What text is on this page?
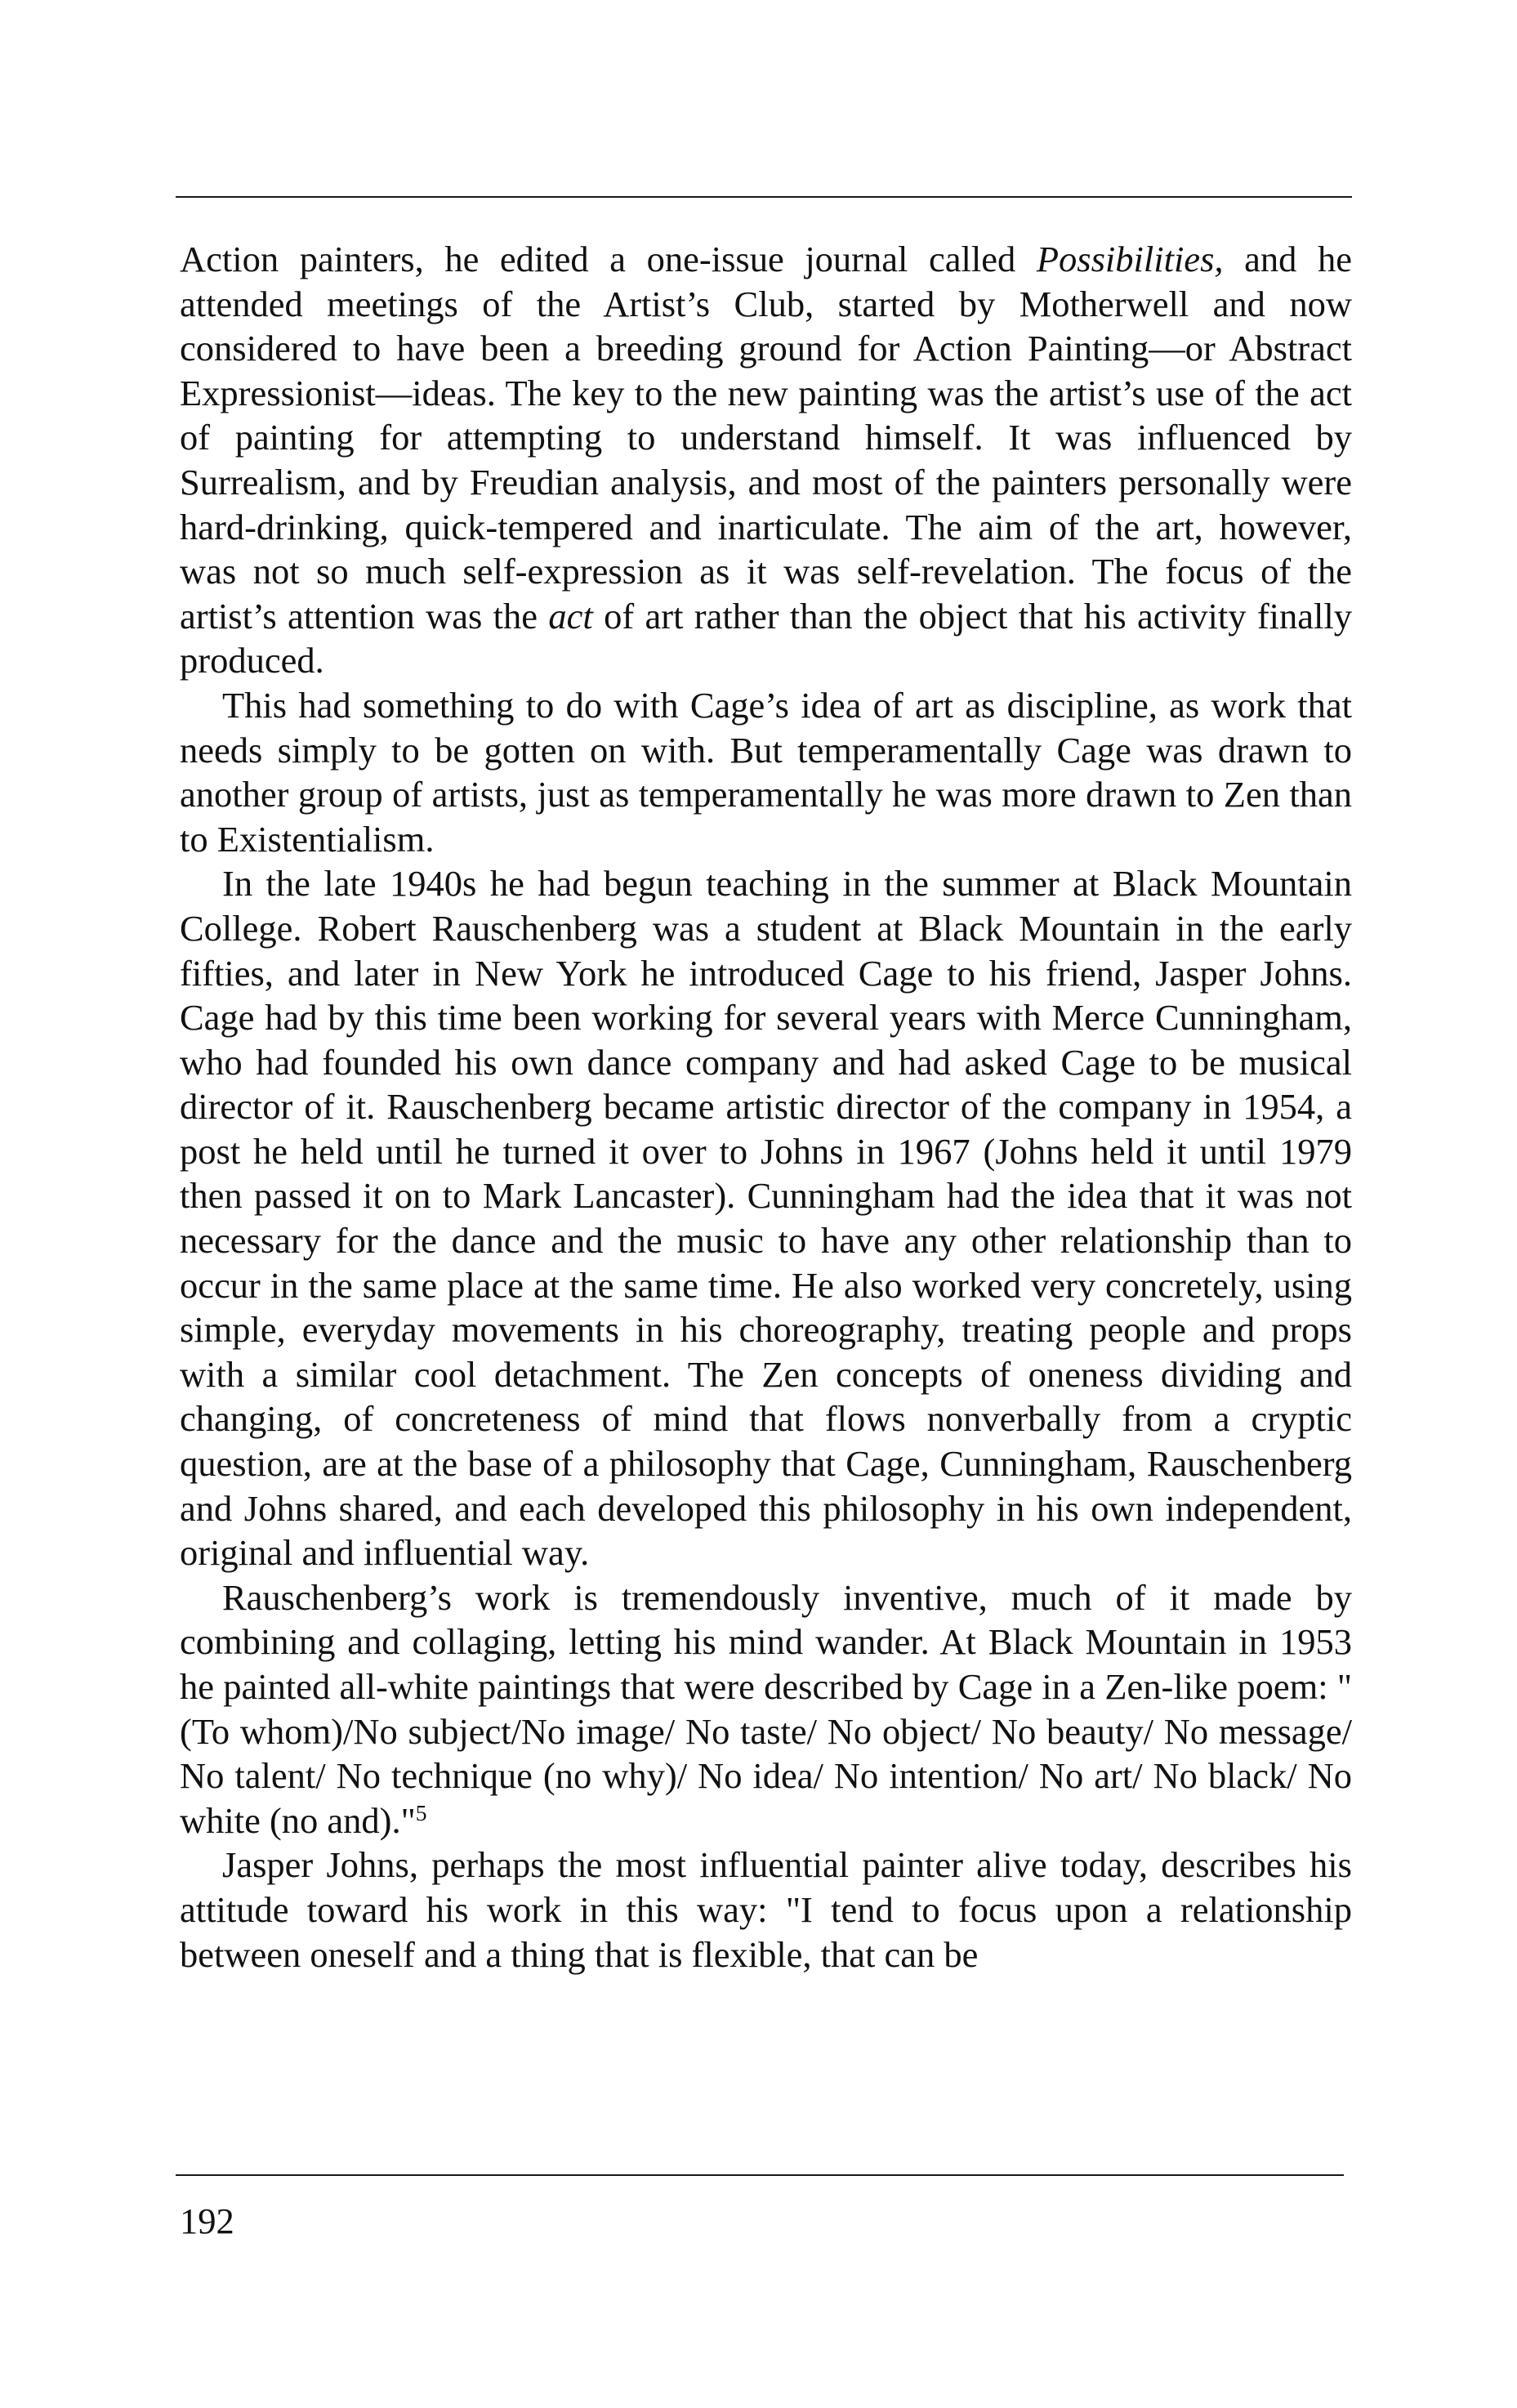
Action painters, he edited a one-issue journal called Possibilities, and he attended meetings of the Artist’s Club, started by Motherwell and now considered to have been a breeding ground for Action Painting—or Abstract Expressionist—ideas. The key to the new painting was the artist’s use of the act of painting for attempting to understand himself. It was influenced by Surrealism, and by Freudian analysis, and most of the painters personally were hard-drinking, quick-tempered and inarticulate. The aim of the art, however, was not so much self-expression as it was self-revelation. The focus of the artist’s attention was the act of art rather than the object that his activity finally produced.

This had something to do with Cage’s idea of art as discipline, as work that needs simply to be gotten on with. But temperamentally Cage was drawn to another group of artists, just as temperamentally he was more drawn to Zen than to Existentialism.

In the late 1940s he had begun teaching in the summer at Black Mountain College. Robert Rauschenberg was a student at Black Mountain in the early fifties, and later in New York he introduced Cage to his friend, Jasper Johns. Cage had by this time been working for several years with Merce Cunningham, who had founded his own dance company and had asked Cage to be musical director of it. Rauschenberg became artistic director of the company in 1954, a post he held until he turned it over to Johns in 1967 (Johns held it until 1979 then passed it on to Mark Lancaster). Cunningham had the idea that it was not necessary for the dance and the music to have any other relationship than to occur in the same place at the same time. He also worked very concretely, using simple, everyday movements in his choreography, treating people and props with a similar cool detachment. The Zen concepts of oneness dividing and changing, of concreteness of mind that flows nonverbally from a cryptic question, are at the base of a philosophy that Cage, Cunningham, Rauschenberg and Johns shared, and each developed this philosophy in his own independent, original and influential way.

Rauschenberg’s work is tremendously inventive, much of it made by combining and collaging, letting his mind wander. At Black Mountain in 1953 he painted all-white paintings that were described by Cage in a Zen-like poem: "(To whom)/No subject/No image/ No taste/ No object/ No beauty/ No message/ No talent/ No technique (no why)/ No idea/ No intention/ No art/ No black/ No white (no and)."$^5$

Jasper Johns, perhaps the most influential painter alive today, describes his attitude toward his work in this way: "I tend to focus upon a relationship between oneself and a thing that is flexible, that can be

192
